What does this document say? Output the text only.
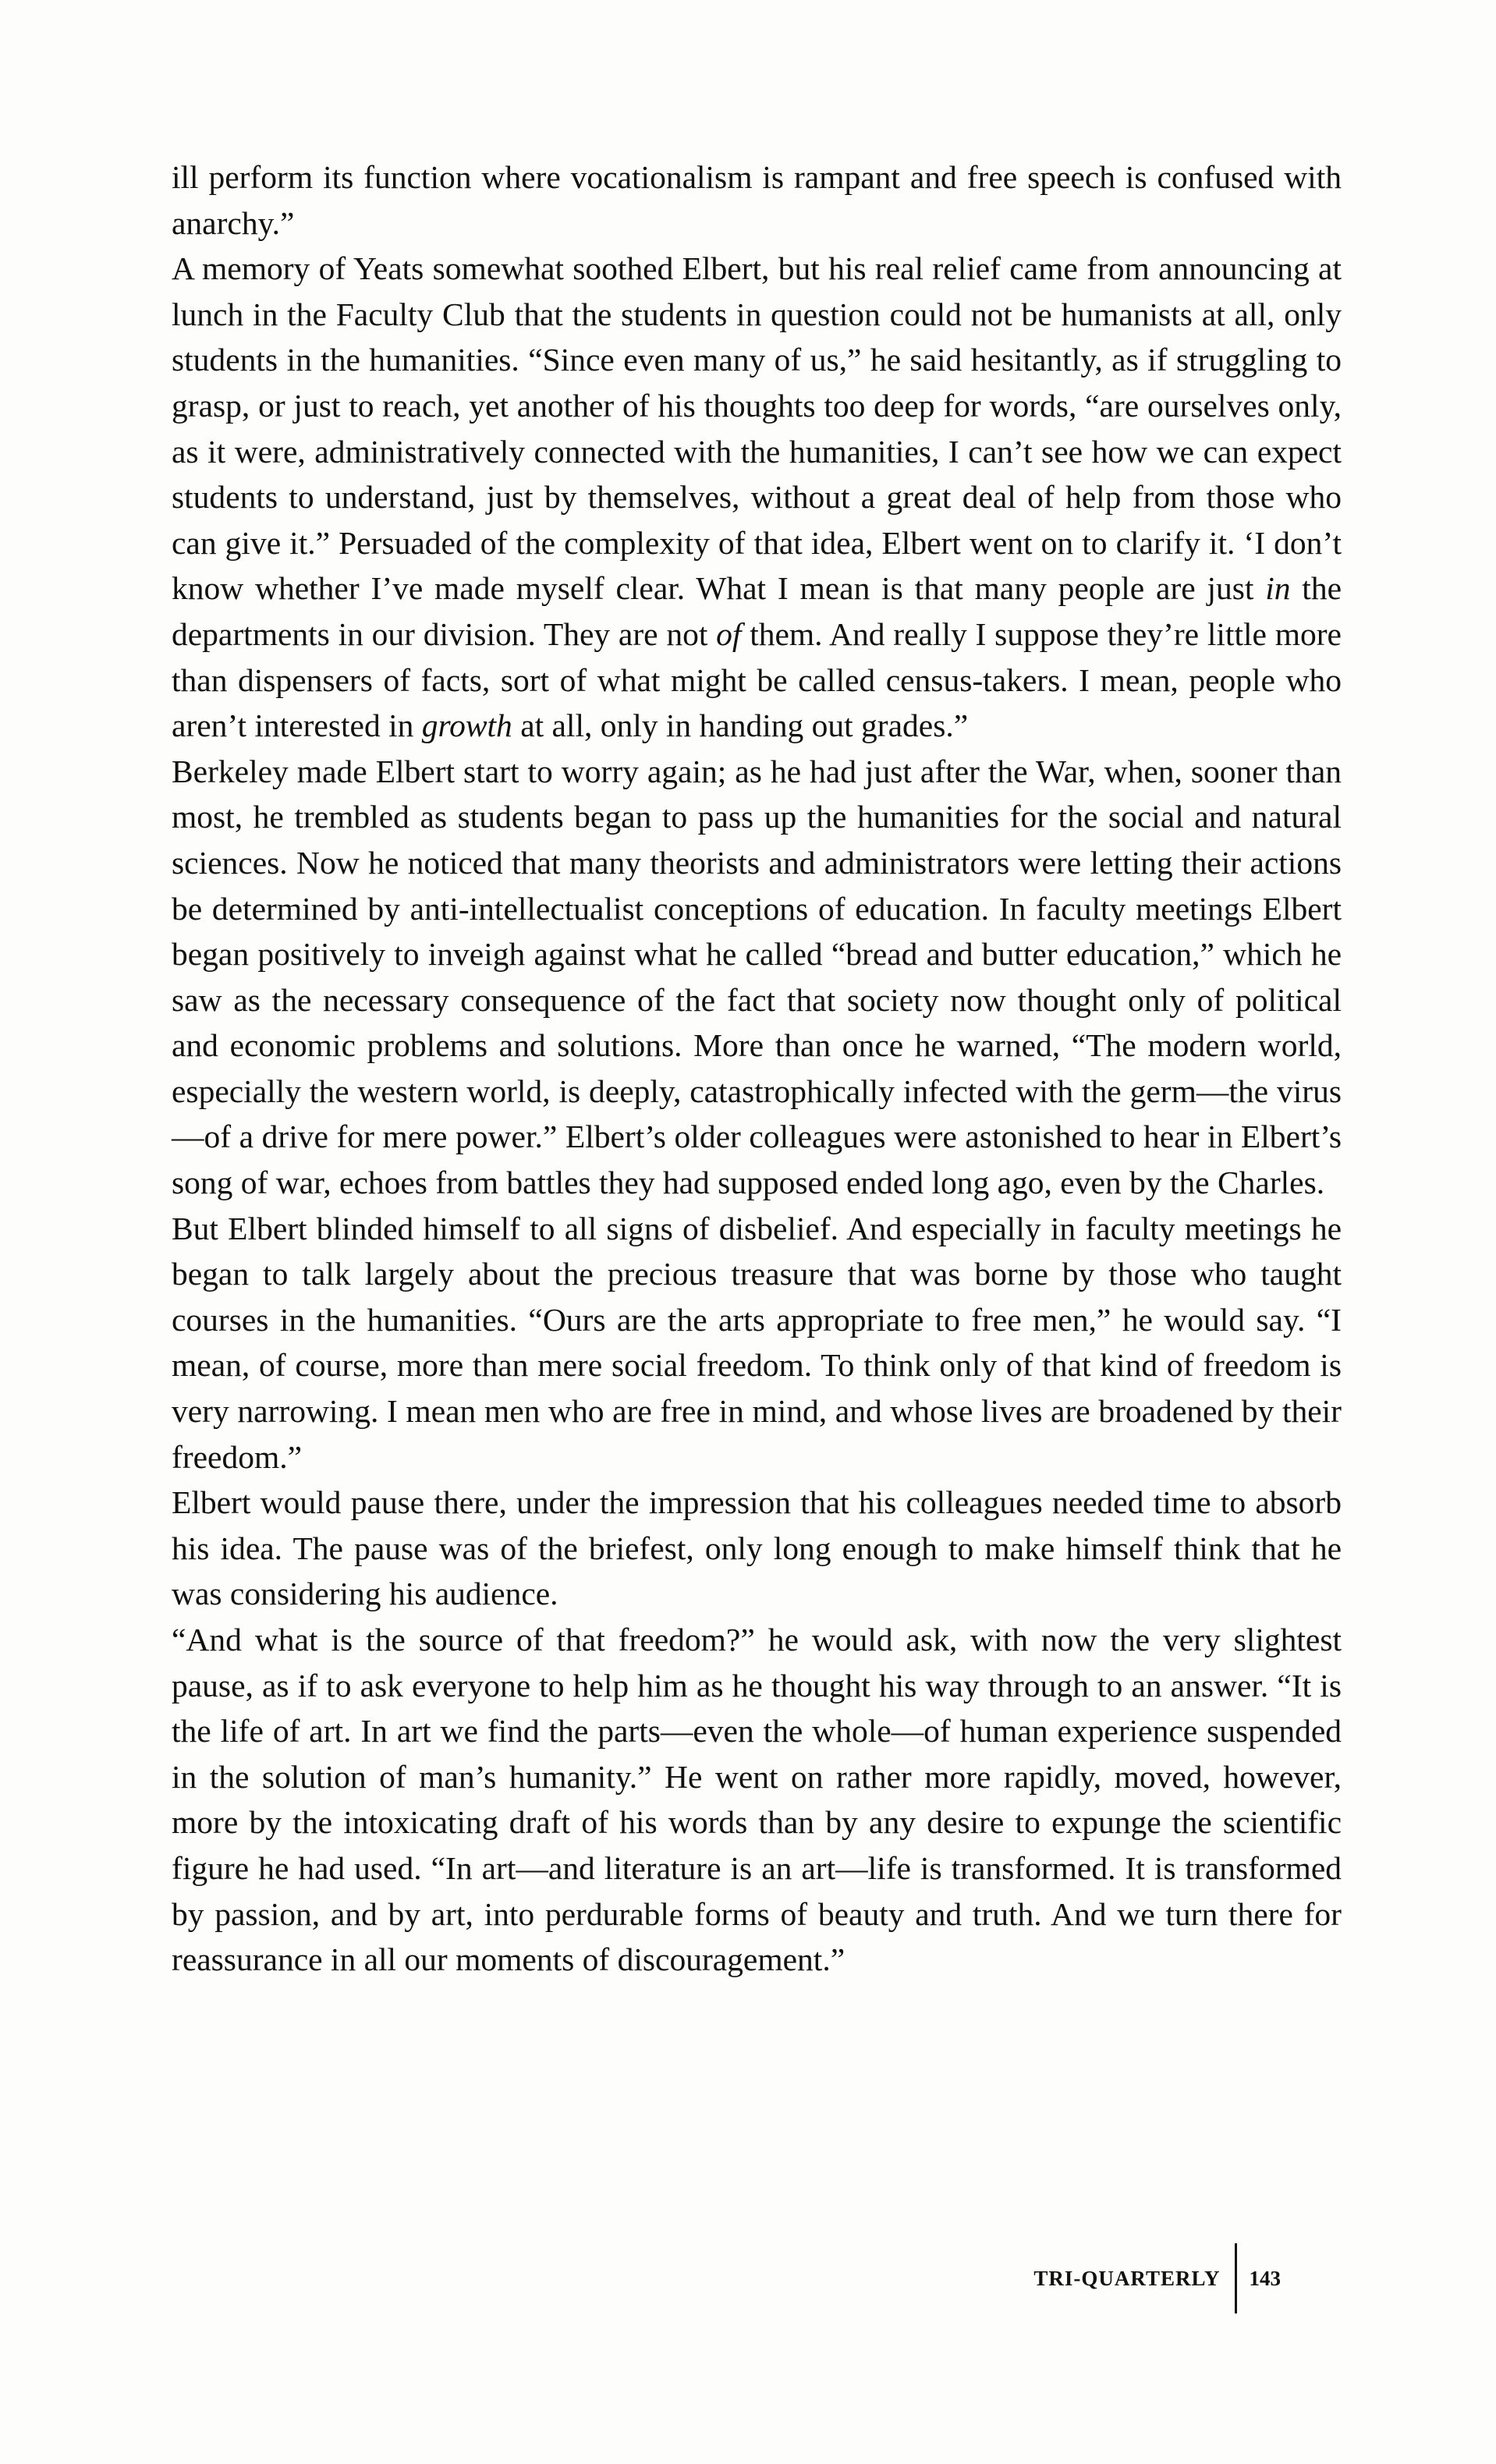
ill perform its function where vocationalism is rampant and free speech is confused with anarchy.”

A memory of Yeats somewhat soothed Elbert, but his real relief came from announcing at lunch in the Faculty Club that the students in question could not be humanists at all, only students in the humanities. “Since even many of us,” he said hesitantly, as if struggling to grasp, or just to reach, yet another of his thoughts too deep for words, “are ourselves only, as it were, administratively connected with the humanities, I can’t see how we can expect students to understand, just by themselves, without a great deal of help from those who can give it.” Persuaded of the complexity of that idea, Elbert went on to clarify it. ‘I don’t know whether I’ve made myself clear. What I mean is that many people are just in the departments in our division. They are not of them. And really I suppose they’re little more than dispensers of facts, sort of what might be called census-takers. I mean, people who aren’t interested in growth at all, only in handing out grades.”

Berkeley made Elbert start to worry again; as he had just after the War, when, sooner than most, he trembled as students began to pass up the humanities for the social and natural sciences. Now he noticed that many theorists and administrators were letting their actions be determined by anti-intellectualist conceptions of education. In faculty meetings Elbert began positively to inveigh against what he called “bread and butter education,” which he saw as the necessary consequence of the fact that society now thought only of political and economic problems and solutions. More than once he warned, “The modern world, especially the western world, is deeply, catastrophically infected with the germ—the virus—of a drive for mere power.” Elbert’s older colleagues were astonished to hear in Elbert’s song of war, echoes from battles they had supposed ended long ago, even by the Charles.

But Elbert blinded himself to all signs of disbelief. And especially in faculty meetings he began to talk largely about the precious treasure that was borne by those who taught courses in the humanities. “Ours are the arts appropriate to free men,” he would say. “I mean, of course, more than mere social freedom. To think only of that kind of freedom is very narrowing. I mean men who are free in mind, and whose lives are broadened by their freedom.”

Elbert would pause there, under the impression that his colleagues needed time to absorb his idea. The pause was of the briefest, only long enough to make himself think that he was considering his audience.

“And what is the source of that freedom?” he would ask, with now the very slightest pause, as if to ask everyone to help him as he thought his way through to an answer. “It is the life of art. In art we find the parts—even the whole—of human experience suspended in the solution of man’s humanity.” He went on rather more rapidly, moved, however, more by the intoxicating draft of his words than by any desire to expunge the scientific figure he had used. “In art—and literature is an art—life is transformed. It is transformed by passion, and by art, into perdurable forms of beauty and truth. And we turn there for reassurance in all our moments of discouragement.”

TRI-QUARTERLY	143
